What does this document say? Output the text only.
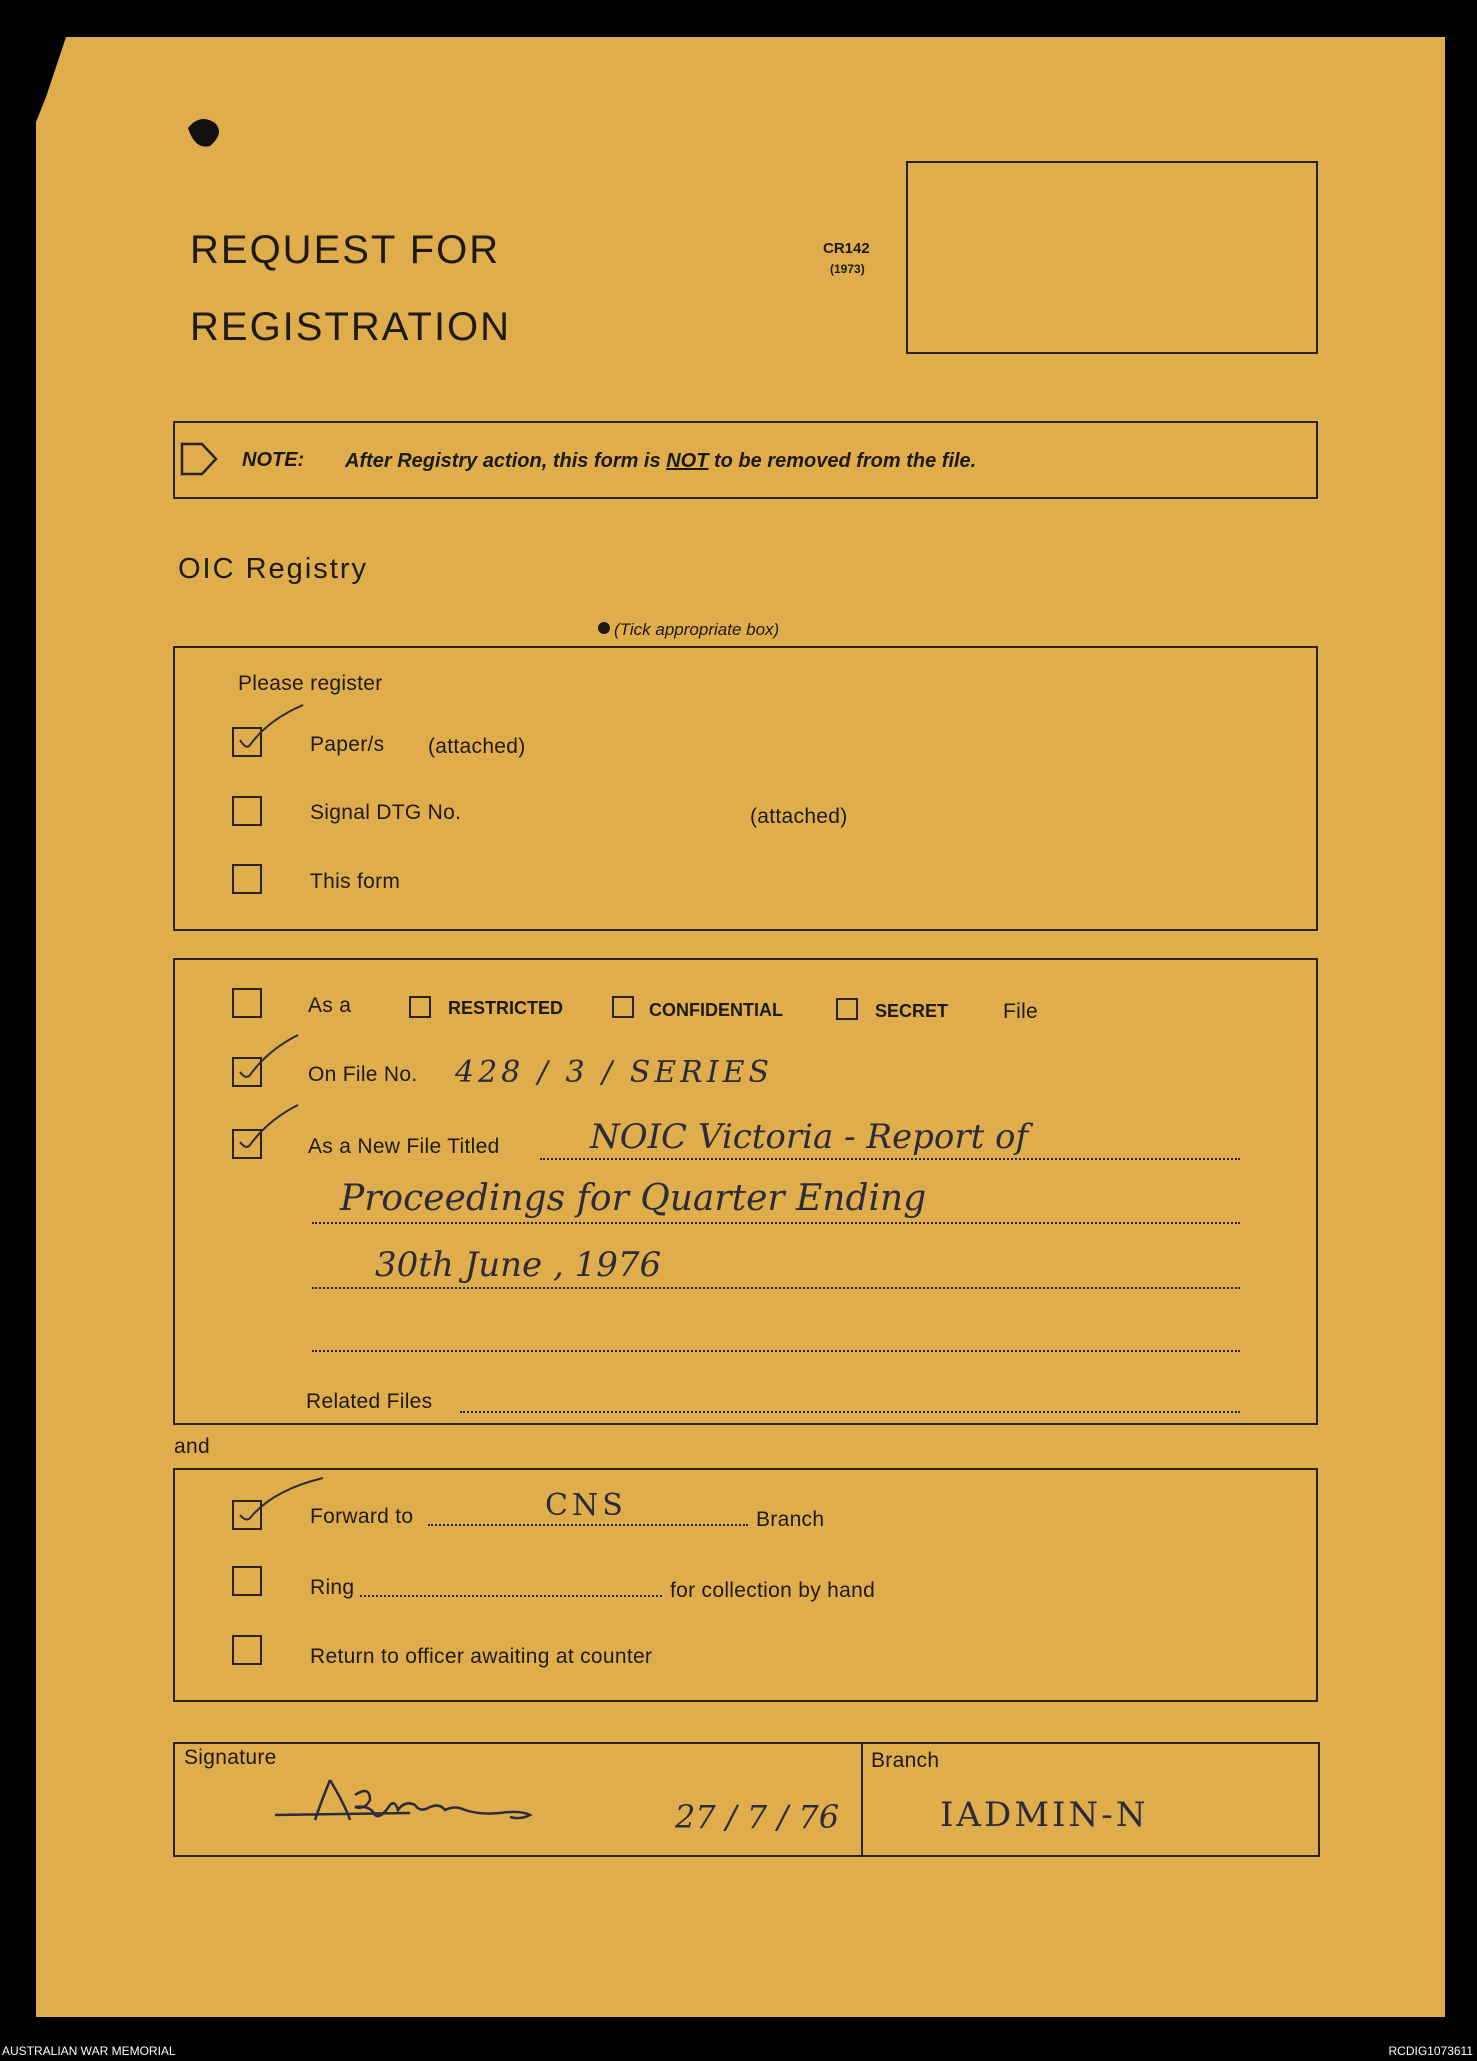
REQUEST FOR
REGISTRATION
CR142
(1973)
NOTE: After Registry action, this form is NOT to be removed from the file.
OIC Registry
(Tick appropriate box)
Please register
Paper/s (attached)
Signal DTG No.	(attached)
This form
As a	RESTRICTED	CONFIDENTIAL	SECRET	File
On File No. 428 / 3 / SERIES
As a New File Titled	NOIC Victoria - Report of
Proceedings for Quarter Ending
30th June , 1976
Related Files
and
Forward to	CNS	Branch
Ring	for collection by hand
Return to officer awaiting at counter
Signature
27 / 7 / 76
Branch
IADMIN-N
AUSTRALIAN WAR MEMORIAL	RCDIG1073611
